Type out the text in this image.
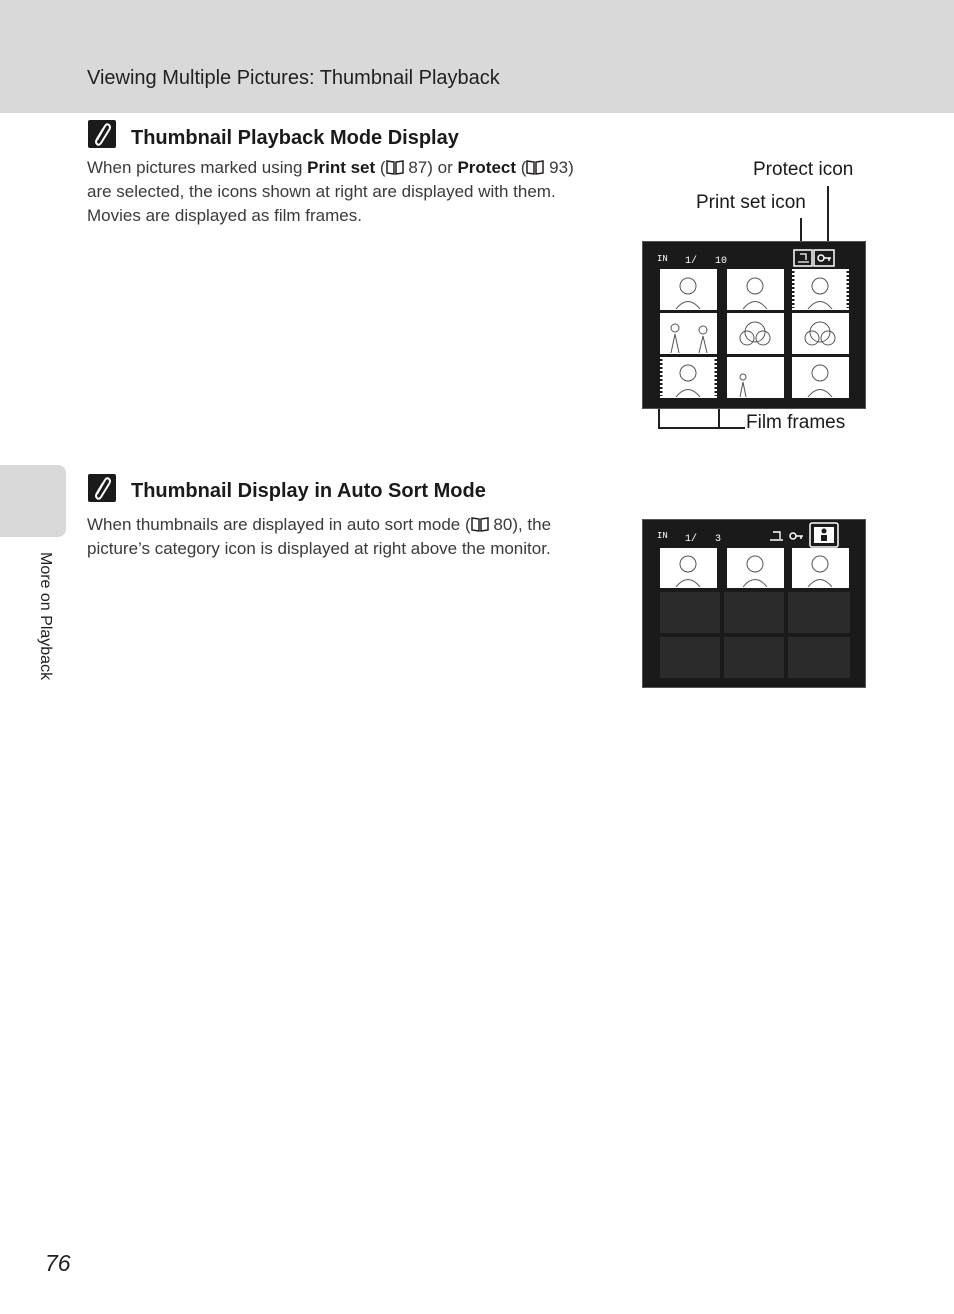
Viewing Multiple Pictures: Thumbnail Playback
More on Playback
Thumbnail Playback Mode Display
When pictures marked using Print set ( 87) or Protect ( 93)
are selected, the icons shown at right are displayed with them.
Movies are displayed as film frames.
Protect icon
Print set icon
Film frames
IN 1/   10
Thumbnail Display in Auto Sort Mode
When thumbnails are displayed in auto sort mode ( 80), the
picture’s category icon is displayed at right above the monitor.
IN 1/   3
76
